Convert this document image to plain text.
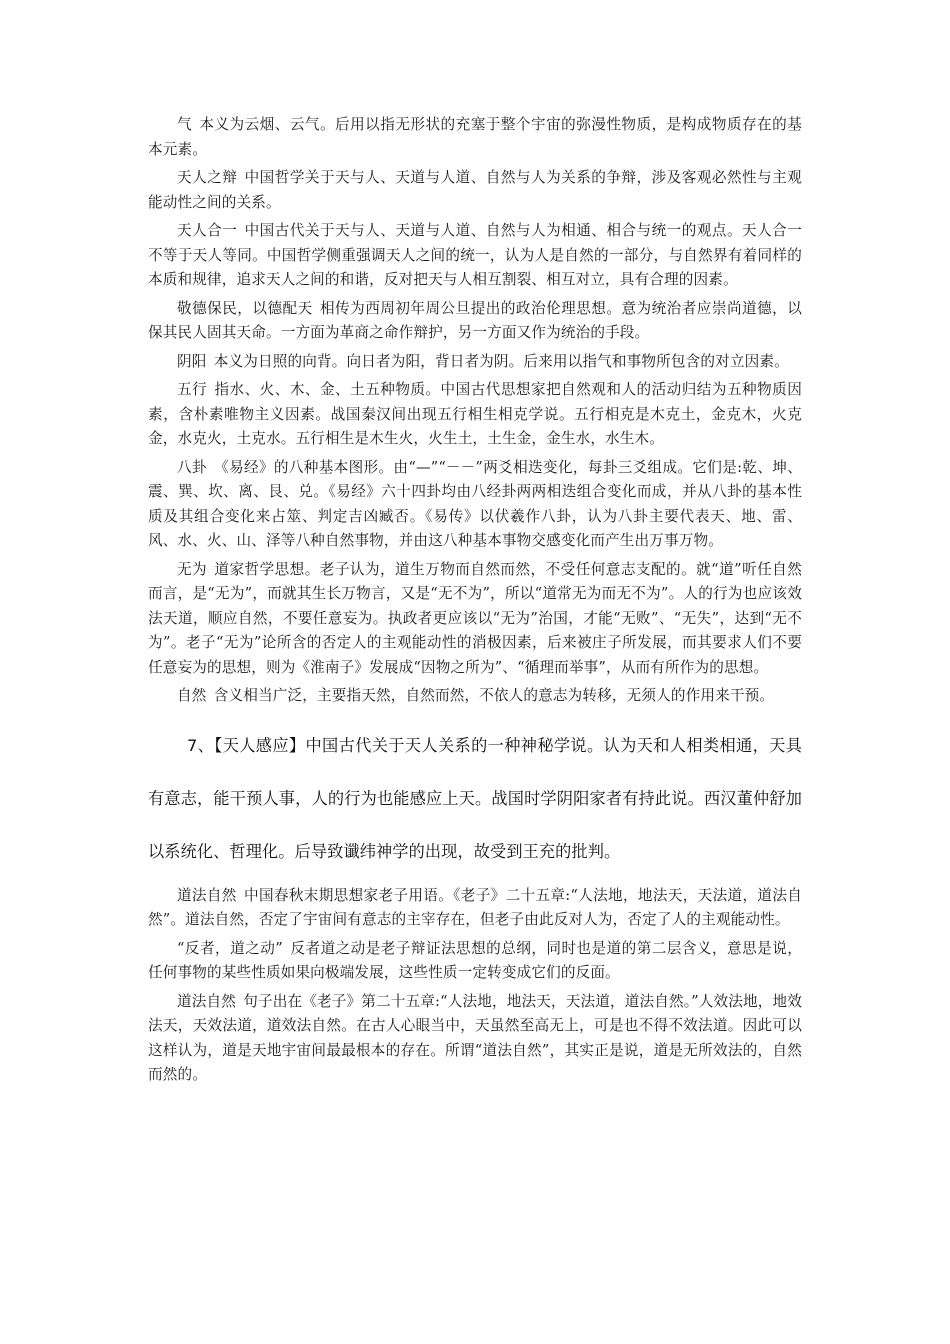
气 本义为云烟、云气。后用以指无形状的充塞于整个宇宙的弥漫性物质，是构成物质存在的基本元素。

天人之辩 中国哲学关于天与人、天道与人道、自然与人为关系的争辩，涉及客观必然性与主观能动性之间的关系。

天人合一 中国古代关于天与人、天道与人道、自然与人为相通、相合与统一的观点。天人合一不等于天人等同。中国哲学侧重强调天人之间的统一，认为人是自然的一部分，与自然界有着同样的本质和规律，追求天人之间的和谐，反对把天与人相互割裂、相互对立，具有合理的因素。

敬德保民，以德配天 相传为西周初年周公旦提出的政治伦理思想。意为统治者应崇尚道德，以保其民人固其天命。一方面为革商之命作辩护，另一方面又作为统治的手段。

阴阳 本义为日照的向背。向日者为阳，背日者为阴。后来用以指气和事物所包含的对立因素。

五行 指水、火、木、金、土五种物质。中国古代思想家把自然观和人的活动归结为五种物质因素，含朴素唯物主义因素。战国秦汉间出现五行相生相克学说。五行相克是木克土，金克木，火克金，水克火，土克水。五行相生是木生火，火生土，土生金，金生水，水生木。

八卦 《易经》的八种基本图形。由“—”“－－”两爻相迭变化，每卦三爻组成。它们是:乾、坤、震、巽、坎、离、艮、兑。《易经》六十四卦均由八经卦两两相迭组合变化而成，并从八卦的基本性质及其组合变化来占筮、判定吉凶臧否。《易传》以伏羲作八卦，认为八卦主要代表天、地、雷、风、水、火、山、泽等八种自然事物，并由这八种基本事物交感变化而产生出万事万物。

无为 道家哲学思想。老子认为，道生万物而自然而然，不受任何意志支配的。就“道”听任自然而言，是“无为”，而就其生长万物言，又是“无不为”，所以“道常无为而无不为”。人的行为也应该效法天道，顺应自然，不要任意妄为。执政者更应该以“无为”治国，才能“无败”、“无失”，达到“无不为”。老子“无为”论所含的否定人的主观能动性的消极因素，后来被庄子所发展，而其要求人们不要任意妄为的思想，则为《淮南子》发展成“因物之所为”、“循理而举事”，从而有所作为的思想。

自然 含义相当广泛，主要指天然，自然而然，不依人的意志为转移，无须人的作用来干预。

7、【天人感应】中国古代关于天人关系的一种神秘学说。认为天和人相类相通，天具有意志，能干预人事，人的行为也能感应上天。战国时学阴阳家者有持此说。西汉董仲舒加以系统化、哲理化。后导致谶纬神学的出现，故受到王充的批判。

道法自然 中国春秋末期思想家老子用语。《老子》二十五章:“人法地，地法天，天法道，道法自然”。道法自然，否定了宇宙间有意志的主宰存在，但老子由此反对人为，否定了人的主观能动性。

“反者，道之动” 反者道之动是老子辩证法思想的总纲，同时也是道的第二层含义，意思是说，任何事物的某些性质如果向极端发展，这些性质一定转变成它们的反面。

道法自然 句子出在《老子》第二十五章:“人法地，地法天，天法道，道法自然。”人效法地，地效法天，天效法道，道效法自然。在古人心眼当中，天虽然至高无上，可是也不得不效法道。因此可以这样认为，道是天地宇宙间最最根本的存在。所谓“道法自然”，其实正是说，道是无所效法的，自然而然的。
